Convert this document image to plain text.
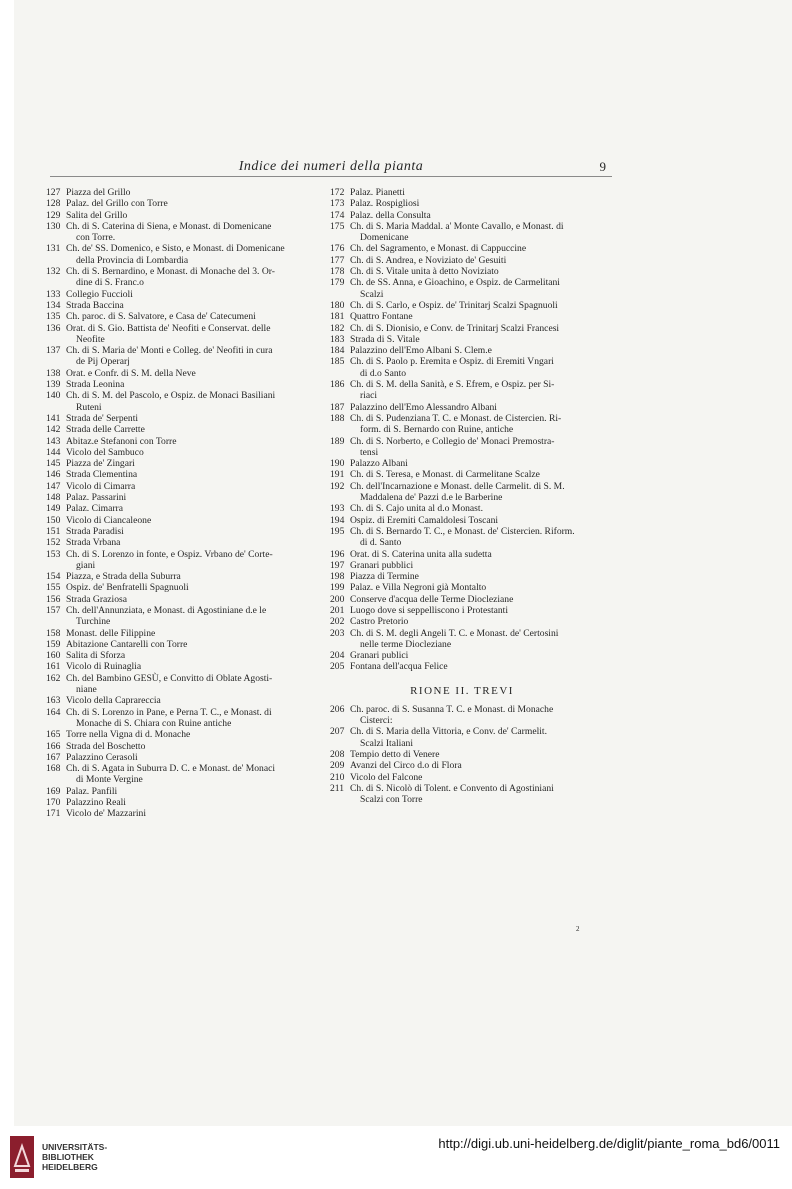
Indice dei numeri della pianta	9
127 Piazza del Grillo
128 Palaz. del Grillo con Torre
129 Salita del Grillo
130 Ch. di S. Caterina di Siena, e Monast. di Domenicane
con Torre.
131 Ch. de' SS. Domenico, e Sisto, e Monast. di Domenicane
della Provincia di Lombardia
132 Ch. di S. Bernardino, e Monast. di Monache del 3. Or-
dine di S. Franc.o
133 Collegio Fuccioli
134 Strada Baccina
135 Ch. paroc. di S. Salvatore, e Casa de' Catecumeni
136 Orat. di S. Gio. Battista de' Neofiti e Conservat. delle
Neofite
137 Ch. di S. Maria de' Monti e Colleg. de' Neofiti in cura
de Pij Operarj
138 Orat. e Confr. di S. M. della Neve
139 Strada Leonina
140 Ch. di S. M. del Pascolo, e Ospiz. de Monaci Basiliani
Ruteni
141 Strada de' Serpenti
142 Strada delle Carrette
143 Abitaz.e Stefanoni con Torre
144 Vicolo del Sambuco
145 Piazza de' Zingari
146 Strada Clementina
147 Vicolo di Cimarra
148 Palaz. Passarini
149 Palaz. Cimarra
150 Vicolo di Ciancaleone
151 Strada Paradisi
152 Strada Vrbana
153 Ch. di S. Lorenzo in fonte, e Ospiz. Vrbano de' Corte-
giani
154 Piazza, e Strada della Suburra
155 Ospiz. de' Benfratelli Spagnuoli
156 Strada Graziosa
157 Ch. dell'Annunziata, e Monast. di Agostiniane d.e le
Turchine
158 Monast. delle Filippine
159 Abitazione Cantarelli con Torre
160 Salita di Sforza
161 Vicolo di Ruinaglia
162 Ch. del Bambino GESÙ, e Convitto di Oblate Agosti-
niane
163 Vicolo della Caprareccia
164 Ch. di S. Lorenzo in Pane, e Perna T. C., e Monast. di
Monache di S. Chiara con Ruine antiche
165 Torre nella Vigna di d. Monache
166 Strada del Boschetto
167 Palazzino Cerasoli
168 Ch. di S. Agata in Suburra D. C. e Monast. de' Monaci
di Monte Vergine
169 Palaz. Panfili
170 Palazzino Reali
171 Vicolo de' Mazzarini
172 Palaz. Pianetti
173 Palaz. Rospigliosi
174 Palaz. della Consulta
175 Ch. di S. Maria Maddal. a' Monte Cavallo, e Monast. di
Domenicane
176 Ch. del Sagramento, e Monast. di Cappuccine
177 Ch. di S. Andrea, e Noviziato de' Gesuiti
178 Ch. di S. Vitale unita à detto Noviziato
179 Ch. de SS. Anna, e Gioachino, e Ospiz. de Carmelitani
Scalzi
180 Ch. di S. Carlo, e Ospiz. de' Trinitarj Scalzi Spagnuoli
181 Quattro Fontane
182 Ch. di S. Dionisio, e Conv. de Trinitarj Scalzi Francesi
183 Strada di S. Vitale
184 Palazzino dell'Emo Albani S. Clem.e
185 Ch. di S. Paolo p. Eremita e Ospiz. di Eremiti Vngari
di d.o Santo
186 Ch. di S. M. della Sanità, e S. Efrem, e Ospiz. per Si-
riaci
187 Palazzino dell'Emo Alessandro Albani
188 Ch. di S. Pudenziana T. C. e Monast. de Cistercien. Ri-
form. di S. Bernardo con Ruine, antiche
189 Ch. di S. Norberto, e Collegio de' Monaci Premostra-
tensi
190 Palazzo Albani
191 Ch. di S. Teresa, e Monast. di Carmelitane Scalze
192 Ch. dell'Incarnazione e Monast. delle Carmelit. di S. M.
Maddalena de' Pazzi d.e le Barberine
193 Ch. di S. Cajo unita al d.o Monast.
194 Ospiz. di Eremiti Camaldolesi Toscani
195 Ch. di S. Bernardo T. C., e Monast. de' Cistercien. Riform.
di d. Santo
196 Orat. di S. Caterina unita alla sudetta
197 Granari pubblici
198 Piazza di Termine
199 Palaz. e Villa Negroni già Montalto
200 Conserve d'acqua delle Terme Diocleziane
201 Luogo dove si seppelliscono i Protestanti
202 Castro Pretorio
203 Ch. di S. M. degli Angeli T. C. e Monast. de' Certosini
nelle terme Diocleziane
204 Granari publici
205 Fontana dell'acqua Felice
RIONE II. TREVI
206 Ch. paroc. di S. Susanna T. C. e Monast. di Monache
Cisterci:
207 Ch. di S. Maria della Vittoria, e Conv. de' Carmelit.
Scalzi Italiani
208 Tempio detto di Venere
209 Avanzi del Circo d.o di Flora
210 Vicolo del Falcone
211 Ch. di S. Nicolò di Tolent. e Convento di Agostiniani
Scalzi con Torre
2
UNIVERSITÄTS-
BIBLIOTHEK
HEIDELBERG
http://digi.ub.uni-heidelberg.de/diglit/piante_roma_bd6/0011
